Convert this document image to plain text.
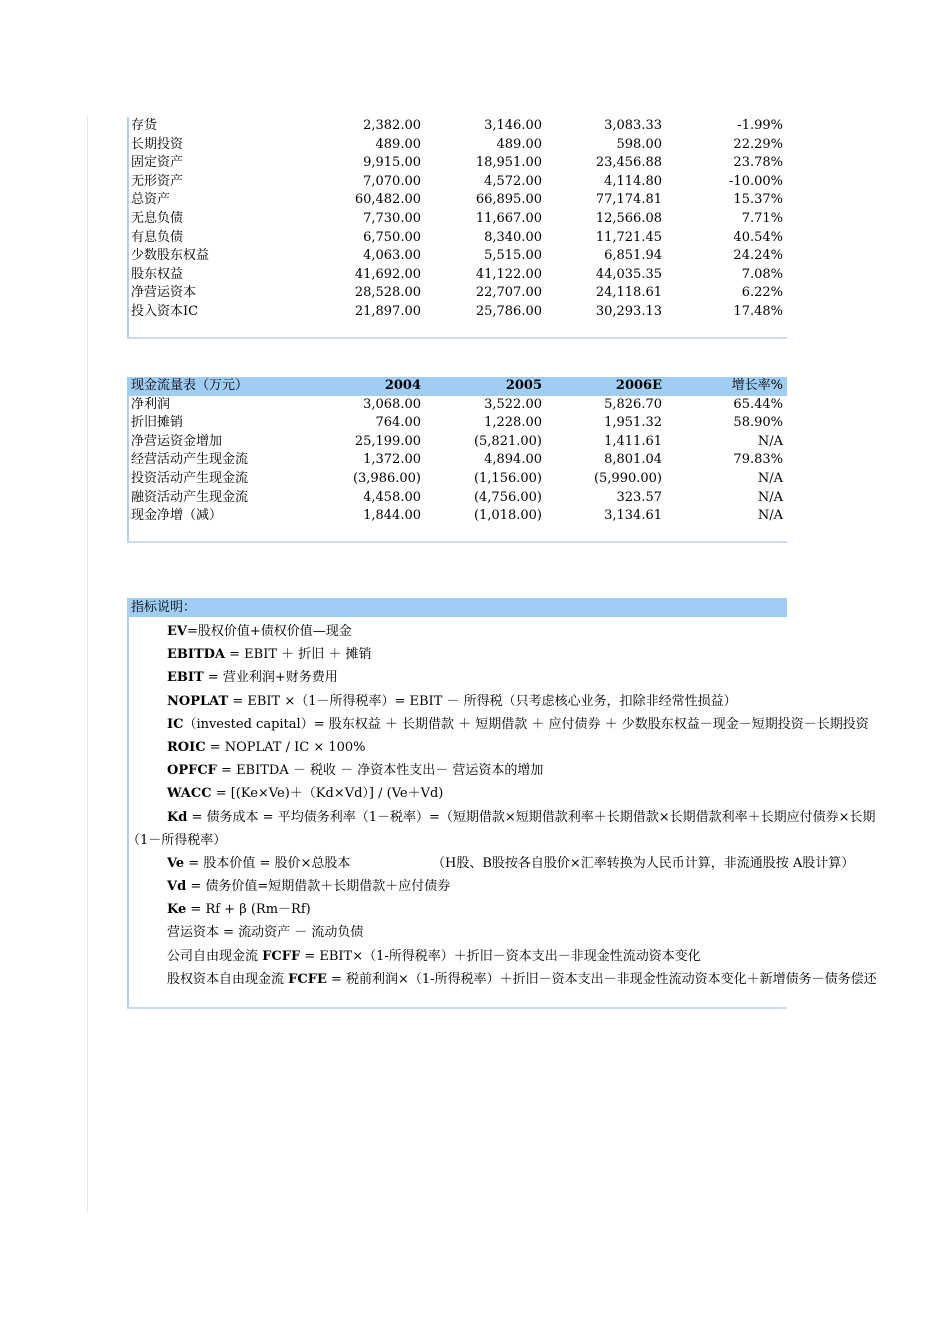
存货	2,382.00	3,146.00	3,083.33	-1.99%
长期投资	489.00	489.00	598.00	22.29%
固定资产	9,915.00	18,951.00	23,456.88	23.78%
无形资产	7,070.00	4,572.00	4,114.80	-10.00%
总资产	60,482.00	66,895.00	77,174.81	15.37%
无息负债	7,730.00	11,667.00	12,566.08	7.71%
有息负债	6,750.00	8,340.00	11,721.45	40.54%
少数股东权益	4,063.00	5,515.00	6,851.94	24.24%
股东权益	41,692.00	41,122.00	44,035.35	7.08%
净营运资本	28,528.00	22,707.00	24,118.61	6.22%
投入资本IC	21,897.00	25,786.00	30,293.13	17.48%
现金流量表（万元）	2004	2005	2006E	增长率%
净利润	3,068.00	3,522.00	5,826.70	65.44%
折旧摊销	764.00	1,228.00	1,951.32	58.90%
净营运资金增加	25,199.00	(5,821.00)	1,411.61	N/A
经营活动产生现金流	1,372.00	4,894.00	8,801.04	79.83%
投资活动产生现金流	(3,986.00)	(1,156.00)	(5,990.00)	N/A
融资活动产生现金流	4,458.00	(4,756.00)	323.57	N/A
现金净增（减）	1,844.00	(1,018.00)	3,134.61	N/A
指标说明：
EV=股权价值+债权价值—现金
EBITDA = EBIT ＋ 折旧 ＋ 摊销
EBIT = 营业利润+财务费用
NOPLAT = EBIT ×（1－所得税率）= EBIT － 所得税（只考虑核心业务，扣除非经常性损益）
IC（invested capital）= 股东权益 ＋ 长期借款 ＋ 短期借款 ＋ 应付债券 ＋ 少数股东权益－现金－短期投资－长期投资
ROIC = NOPLAT / IC × 100%
OPFCF = EBITDA － 税收 － 净资本性支出－ 营运资本的增加
WACC = [(Ke×Ve)＋（Kd×Vd）] / (Ve＋Vd)
Kd = 债务成本 = 平均债务利率（1－税率）=（短期借款×短期借款利率＋长期借款×长期借款利率＋长期应付债券×长期
（1－所得税率）
Ve = 股本价值 = 股价×总股本	（H股、B股按各自股价×汇率转换为人民币计算，非流通股按 A股计算）
Vd = 债务价值=短期借款＋长期借款＋应付债券
Ke = Rf + β (Rm－Rf)
营运资本 = 流动资产 － 流动负债
公司自由现金流 FCFF = EBIT×（1-所得税率）＋折旧－资本支出－非现金性流动资本变化
股权资本自由现金流 FCFE = 税前利润×（1-所得税率）＋折旧－资本支出－非现金性流动资本变化＋新增债务－债务偿还
